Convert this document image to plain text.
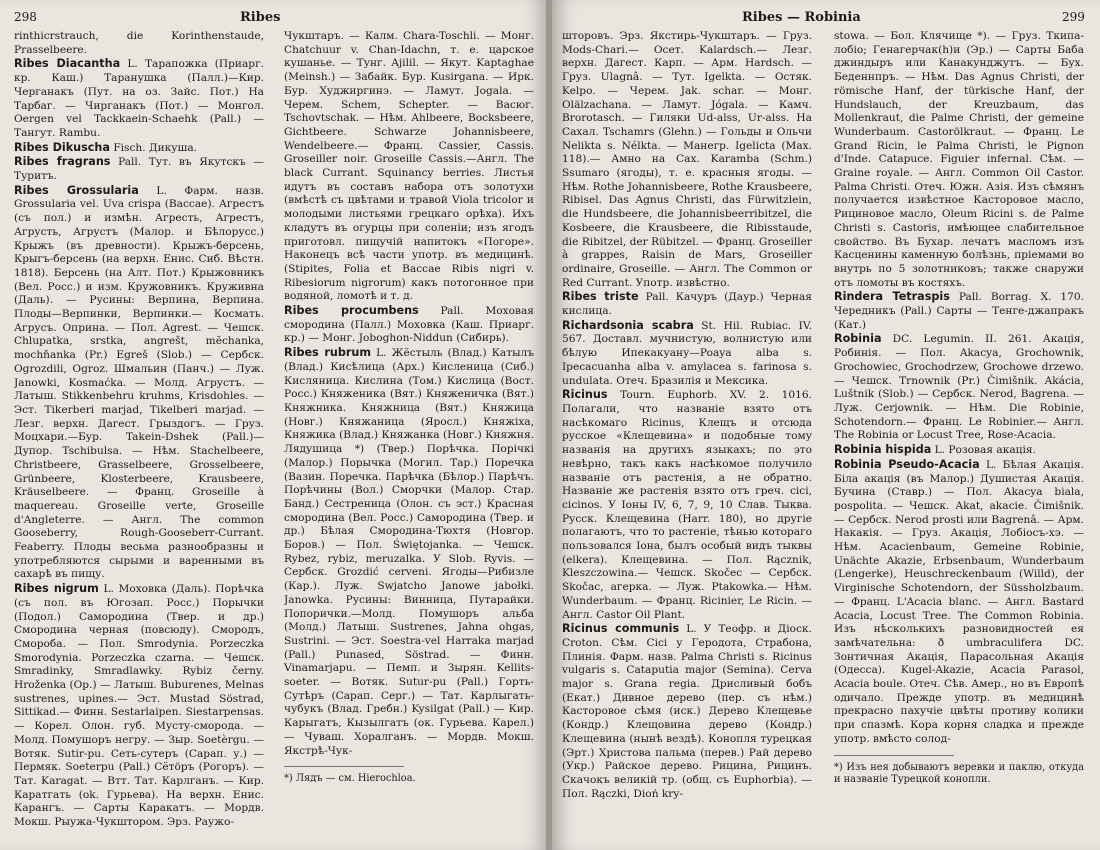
298	Ribes

rinthicrstrauch, die Korinthenstaude, Prasselbeere.

Ribes Diacantha L. Тарапожка (Приарг. кр. Каш.) Таранушка (Палл.)—Кир. Черганакъ (Пут. на оз. Зайс. Пот.) На Тарбаг. — Чирганакъ (Пот.) — Монгол. Oergen vel Tackkaein-Schaehk (Pall.) — Тангут. Rambu.

Ribes Dikuscha Fisch. Дикуша.

Ribes fragrans Pall. Тут. въ Якутскъ — Туритъ.

Ribes Grossularia L. Фарм. назв. Grossularia vel. Uva crispa (Baccae). Агрестъ (съ пол.) и измѣн. Агресть, Агрестъ, Агрусть, Агрустъ (Малор. и Бѣлорусс.) Крыжъ (въ древности). Крыжъ-берсень, Крыгъ-берсень (на верхн. Енис. Сиб. Вѣстн. 1818). Берсень (на Алт. Пот.) Крыжовникъ (Вел. Росс.) и изм. Кружовникъ. Круживна (Даль). — Русины: Верпина, Верпина. Плоды—Верпинки, Верпинки.— Космать. Агрусъ. Оприна. — Пол. Agrest. — Чешск. Chlupatka, srstka, angrešt, mĕchanka, mochňanka (Pr.) Egreš (Slob.) — Сербск. Ogrozdili, Ogroz. Шмальин (Панч.) — Луж. Janowki, Kosmaćka. — Молд. Агрустъ. — Латыш. Stikkenbehru kruhms, Krisdohles. — Эст. Tikerberi marjad, Tikelberi marjad. — Лезг. верхн. Дагест. Грыздогъ. — Груз. Моцхари.—Бур. Takein-Dshek (Pall.)— Дупор. Tschibulsa. — Нѣм. Stachelbeere, Christbeere, Grasselbeere, Grosselbeere, Grünbeere, Klosterbeere, Krausbeere, Kräuselbeere. — Франц. Groseille à maquereau. Groseille verte, Groseille d'Angleterre. — Англ. The common Gooseberry, Rough-Goosebеrr-Currant. Feaberry. Плоды весьма разнообразны и употребляются сырыми и варенными въ сахарѣ въ пищу.

Ribes nigrum L. Моховка (Даль). Порѣчка (съ пол. въ Югозап. Росс.) Порычки (Подол.) Самородина (Твер. и др.) Смородина черная (повсюду). Смородъ, Смороба. — Пол. Smrodynia. Porzeczka Smorodynia. Porzeczka czarna. — Чешск. Smradinky, Smradlawky. Rybiz černy. Hroženka (Op.) — Латыш. Buburenes, Melnas sustrenes, upines.— Эст. Mustad Söstrad, Sittikad.— Финн. Sestarlaipen. Siestarpensas. — Корел. Олон. губ. Мусту-сморода. — Молд. Помушоръ негру. — Зыр. Soetèrgu. — Вотяк. Sutir-pu. Сеть-сутеръ (Сарап. у.) — Пермяк. Soeterpu (Pall.) Сётöръ (Рогоръ). — Тат. Karagat. — Втт. Тат. Карлганъ. — Кир. Каратгать (оk. Гурьева). На верхн. Енис. Карангъ. — Сарты Каракатъ. — Мордв. Мокш. Рыужа-Чукштором. Эрз. Раужо-

Чукштаръ. — Калм. Chara-Toschli. — Монг. Chatchuur v. Chan-Idachn, т. е. царское кушанье. — Тунг. Ajilil. — Якут. Kaptaghae (Meinsh.) — Забайк. Бур. Kusirgana. — Ирк. Бур. Худжиргинэ. — Ламут. Jogala. — Черем. Schem, Schepter. — Васюг. Tschovtschak. — Нѣм. Ahlbeere, Bocksbeere, Gichtbeere. Schwarze Johannisbeere, Wendelbeere.— Франц. Cassier, Cassis. Groseiller noir. Groseille Cassis.—Англ. The black Currant. Squinancy berries. Листья идутъ въ составъ набора отъ золотухи (вмѣстѣ съ цвѣтами и травой Viola tricolor и молодыми листьями грецкаго орѣха). Ихъ кладутъ въ огурцы при соленіи; изъ ягодъ приготовл. пищучій напитокъ «Погоре». Наконецъ всѣ части употр. въ медицинѣ. (Stipites, Folia et Baccae Ribis nigri v. Ribesiorum nigrorum) какъ потогонное при водяной, ломотѣ и т. д.

Ribes procumbens Pall. Моховая смородина (Палл.) Моховка (Каш. Приарг. кр.) — Монг. Joboghon-Niddun (Сибирь).

Ribes rubrum L. Жёстыль (Влад.) Катылъ (Влад.) Кисѣлица (Арх.) Кисленица (Сиб.) Кисляница. Кислина (Том.) Кислица (Вост. Росс.) Княженика (Вят.) Княженичка (Вят.) Княжника. Княжница (Вят.) Княжица (Новг.) Княжаница (Яросл.) Княжіха, Княжика (Влад.) Княжанка (Новг.) Княжня. Лядушица *) (Твер.) Порѣчка. Порiчкi (Малор.) Порычка (Могил. Тар.) Поречка (Вазин. Поречка. Парѣчка (Бѣлор.) Парѣчъ. Порѣчины (Вол.) Сморчки (Малор. Стар. Банд.) Сестреница (Олон. съ эст.) Красная смородина (Вел. Росс.) Самородина (Твер. и др.) Бѣлая Смородина-Тюхтя (Новгор. Боров.) — Пол. Świętojanka. — Чешск. Rybez, rybiz, meruzalka. У Slob. Ryvis. — Сербск. Grozdić cerveni. Ягоды—Рибизле (Кар.). Луж. Swjatcho Janowe jabołki. Janowka. Русины: Винница, Путарайки. Попорички.—Молд. Помушоръ альба (Молд.) Латыш. Sustrenes, Jahna ohgas, Sustrini. — Эст. Soestra-vel Harraka marjad (Pall.) Punased, Söstrad. — Финн. Vinamarjapu. — Пемп. и Зырян. Kellits-soeter. — Вотяк. Sutur-pu (Pall.) Горть-Сутѣръ (Сарап. Серг.) — Тат. Карлыгать-чубукъ (Влад. Гребн.) Kysilgat (Pall.) — Кир. Карыгатъ, Кызылгатъ (ок. Гурьева. Карел.) — Чуваш. Хоралганъ. — Мордв. Мокш. Якстрѣ-Чук-

*) Лядъ — см. Hierochloa.

Ribes — Robinia	299

шторовъ. Эрз. Якстирь-Чукштаръ. — Груз. Mods-Chari.— Осет. Kalardsch.— Лезг. верхн. Дагест. Карп. — Арм. Hardsch. — Груз. Ulagnâ. — Тут. Igelkta. — Остяк. Kelpo. — Черем. Jak. schar. — Монг. Olälzachana. — Ламут. Jógala. — Камч. Brorotasch. — Гиляки Ud-alss, Ur-alss. На Сахал. Tschamrs (Glehn.) — Гольды и Ольчи Nelikta s. Nélkta. — Манегр. Igelicta (Max. 118).— Амно на Сах. Karamba (Schm.) Ssumaro (ягоды), т. е. красныя ягоды. — Нѣм. Rothe Johannisbeere, Rothe Krausbeere, Ribisel. Das Agnus Christi, das Fürwitzlein, die Hundsbeere, die Johannisbeerribitzel, die Kosbeere, die Krausbeere, die Ribisstaude, die Ribitzel, der Rübitzel. — Франц. Groseiller à grappes, Raisin de Mars, Groseiller ordinaire, Groseille. — Англ. The Common or Red Currant. Употр. извѣстно.

Ribes triste Pall. Качуръ (Даур.) Черная кислица.

Richardsonia scabra St. Hil. Rubiac. IV. 567. Доставл. мучнистую, волнистую или бѣлую Ипекакуану—Poaya alba s. Ipecacuanha alba v. amylacea s. farinosa s. undulata. Отеч. Бразилія и Мексика.

Ricinus Tourn. Euphorb. XV. 2. 1016. Полагали, что названіе взято отъ насѣкомаго Ricinus, Клещъ и отсюда русское «Клещевина» и подобные тому названія на другихъ языкахъ; по это невѣрно, такъ какъ насѣкомое получило названіе отъ растенія, а не обратно. Названіе же растенія взято отъ греч. cici, cicinos. У Іоны IV, 6, 7, 9, 10 Слав. Тыква. Русск. Клещевина (Harr. 180), но другіе полагаютъ, что то растеніе, тѣнью котораго пользовался Іона, былъ особый видъ тыквы (elkera). Клещевина. — Пол. Rącznik, Kleszczowina.— Чешск. Skočec — Сербск. Skočac, агерка. — Луж. Ptakowka.— Нѣм. Wunderbaum. — Франц. Ricinier, Le Ricin. — Англ. Castor Oil Plant.

Ricinus communis L. У Теофр. и Діоск. Croton. Сѣм. Cici у Геродота, Страбона, Плинія. Фарм. назв. Palma Christi s. Ricinus vulgaris s. Cataputia major (Semina). Cerva major s. Grana regia. Дрисливый бобъ (Екат.) Дивное дерево (пер. съ нѣм.) Касторовое сѣмя (иск.) Дерево Клещевье (Кондр.) Клещовина дерево (Кондр.) Клещевина (нынѣ вездѣ). Конопля турецкая (Эрт.) Христова пальма (перев.) Рай дерево (Укр.) Райское дерево. Рицина, Рицинъ. Скачокъ великій тр. (общ. съ Euphorbia). — Пол. Rączki, Dioń kry-

stowa. — Бол. Клячище *). — Груз. Ткипа-лобіо; Генагерчак(h)и (Эр.) — Сарты Баба джиндыръ или Канакунджутъ. — Бух. Беденнпръ. — Нѣм. Das Agnus Christi, der römische Hanf, der türkische Hanf, der Hundslauch, der Kreuzbaum, das Mollenkraut, die Palme Christi, der gemeine Wunderbaum. Castorölkraut. — Франц. Le Grand Ricin, le Palma Christi, le Pignon d'Inde. Catapuce. Figuier infernal. Сѣм. — Graine royale. — Англ. Common Oil Castor. Palma Christi. Отеч. Южн. Азія. Изъ сѣмянъ получается извѣстное Касторовое масло, Рициновое масло, Oleum Ricini s. de Palme Christi s. Castoris, имѣющее слабительное свойство. Въ Бухар. лечатъ масломъ изъ Касценины каменную болѣзнь, пріемами во внутрь по 5 золотниковъ; также снаружи отъ ломоты въ костяхъ.

Rindera Tetraspis Pall. Borrag. X. 170. Чередникъ (Pall.) Сарты — Тенге-джапракъ (Кат.)

Robinia DC. Legumin. II. 261. Акація, Робинія. — Пол. Akacya, Grochownik, Grochowiec, Grochodrzew, Grochowe drzewo. — Чешск. Trnownik (Pr.) Čimišnik. Akácia, Luštnik (Slob.) — Сербск. Nerod, Bagrena. — Луж. Cerjownik. — Нѣм. Die Robinie, Schotendorn.— Франц. Le Robinier.— Англ. The Robinia or Locust Tree, Rose-Acacia.

Robinia hispida L. Розовая акація.

Robinia Pseudo-Acacia L. Бѣлая Акація. Біла акація (въ Малор.) Душистая Акація. Бучина (Ставр.) — Пол. Akacya biala, pospolita. — Чешск. Akat, akacie. Čimišnik. — Сербск. Nerod prosti или Bagrenâ. — Арм. Накакія. — Груз. Акація, Лобіосъ-хэ. — Нѣм. Acacienbaum, Gemeine Robinie, Unächte Akazie, Erbsenbaum, Wunderbaum (Lengerke), Heuschreckenbaum (Willd), der Virginische Schotendorn, der Süssholzbaum. — Франц. L'Acacia blanc. — Англ. Bastard Acacia, Locust Tree. The Common Robinia. Изъ нѣсколькихъ разновидностей ея замѣчательна: ð umbraculifera DC. Зонтичная Акація, Парасольная Акація (Одесса). Kugel-Akazie, Acacia Parasol, Acacia boule. Отеч. Сѣв. Амер., но въ Европѣ одичало. Прежде употр. въ медицинѣ прекрасно пахучіе цвѣты противу колики при спазмѣ. Кора корня сладка и прежде употр. вмѣсто солод-

*) Изъ нея добываютъ веревки и паклю, откуда и названіе Турецкой конопли.
